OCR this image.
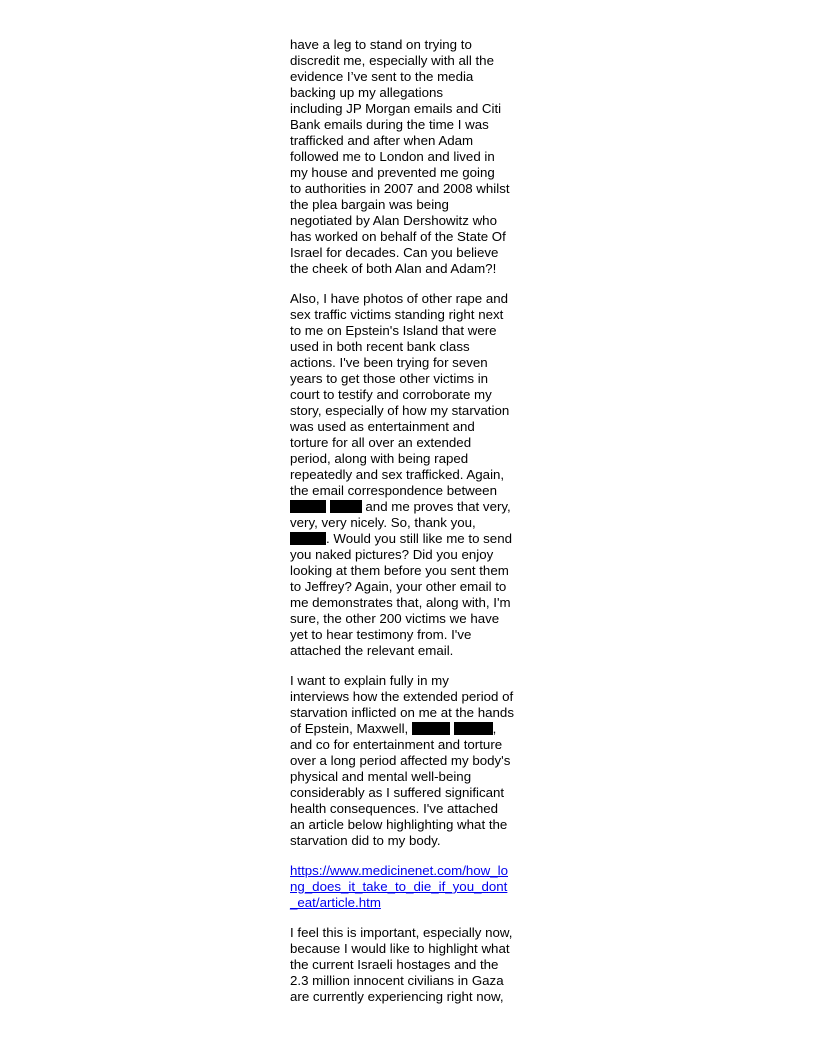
have a leg to stand on trying to
discredit me, especially with all the
evidence I’ve sent to the media
backing up my allegations
including JP Morgan emails and Citi
Bank emails during the time I was
trafficked and after when Adam
followed me to London and lived in
my house and prevented me going
to authorities in 2007 and 2008 whilst
the plea bargain was being
negotiated by Alan Dershowitz who
has worked on behalf of the State Of
Israel for decades. Can you believe
the cheek of both Alan and Adam?!
Also, I have photos of other rape and
sex traffic victims standing right next
to me on Epstein's Island that were
used in both recent bank class
actions. I've been trying for seven
years to get those other victims in
court to testify and corroborate my
story, especially of how my starvation
was used as entertainment and
torture for all over an extended
period, along with being raped
repeatedly and sex trafficked. Again,
the email correspondence between
and me proves that very,
very, very nicely. So, thank you,
. Would you still like me to send
you naked pictures? Did you enjoy
looking at them before you sent them
to Jeffrey? Again, your other email to
me demonstrates that, along with, I'm
sure, the other 200 victims we have
yet to hear testimony from. I've
attached the relevant email.
I want to explain fully in my
interviews how the extended period of
starvation inflicted on me at the hands
of Epstein, Maxwell,	,
and co for entertainment and torture
over a long period affected my body's
physical and mental well-being
considerably as I suffered significant
health consequences. I've attached
an article below highlighting what the
starvation did to my body.
https://www.medicinenet.com/how_lo
ng_does_it_take_to_die_if_you_dont
_eat/article.htm
I feel this is important, especially now,
because I would like to highlight what
the current Israeli hostages and the
2.3 million innocent civilians in Gaza
are currently experiencing right now,
